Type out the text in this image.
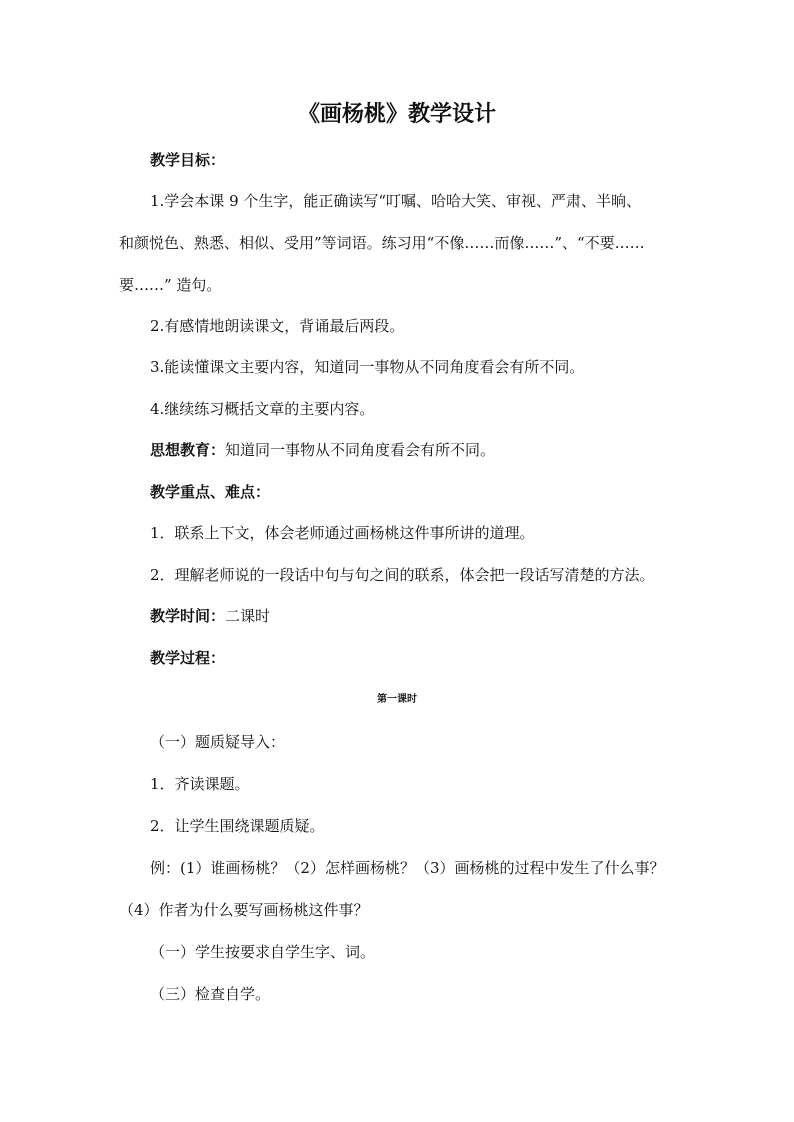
《画杨桃》教学设计
教学目标：
1.学会本课 9 个生字，能正确读写“叮嘱、哈哈大笑、审视、严肃、半晌、
和颜悦色、熟悉、相似、受用”等词语。练习用“不像……而像……”、“不要……
要……” 造句。
2.有感情地朗读课文，背诵最后两段。
3.能读懂课文主要内容，知道同一事物从不同角度看会有所不同。
4.继续练习概括文章的主要内容。
思想教育：知道同一事物从不同角度看会有所不同。
教学重点、难点：
1．联系上下文，体会老师通过画杨桃这件事所讲的道理。
2．理解老师说的一段话中句与句之间的联系，体会把一段话写清楚的方法。
教学时间：二课时
教学过程：
第一课时
（一）题质疑导入：
1．齐读课题。
2．让学生围绕课题质疑。
例：(1）谁画杨桃？（2）怎样画杨桃？（3）画杨桃的过程中发生了什么事？
（4）作者为什么要写画杨桃这件事？
（一）学生按要求自学生字、词。
（三）检查自学。
